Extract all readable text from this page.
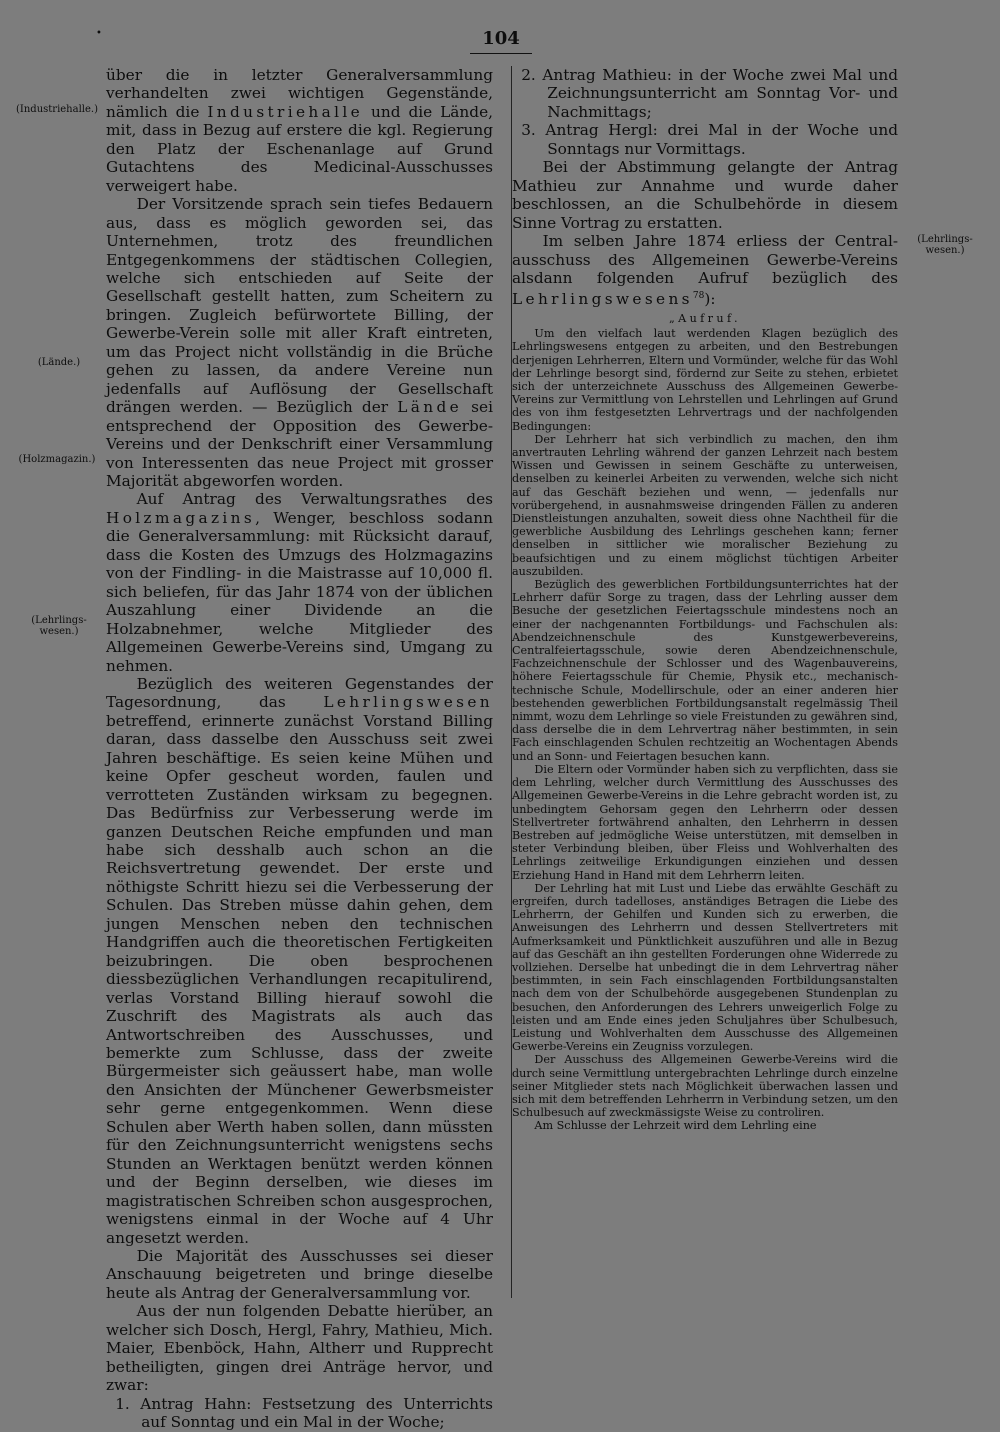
•	104
(Industriehalle.)
(Lände.)
(Holzmagazin.)
(Lehrlings-
wesen.)
(Lehrlings-
wesen.)

über die in letzter Generalversammlung verhandelten zwei wichtigen Gegenstände, nämlich die Industriehalle und die Lände, mit, dass in Bezug auf erstere die kgl. Regierung den Platz der Eschenanlage auf Grund Gutachtens des Medicinal-Ausschusses verweigert habe.

Der Vorsitzende sprach sein tiefes Bedauern aus, dass es möglich geworden sei, das Unternehmen, trotz des freundlichen Entgegenkommens der städtischen Collegien, welche sich entschieden auf Seite der Gesellschaft gestellt hatten, zum Scheitern zu bringen. Zugleich befürwortete Billing, der Gewerbe-Verein solle mit aller Kraft eintreten, um das Project nicht vollständig in die Brüche gehen zu lassen, da andere Vereine nun jedenfalls auf Auflösung der Gesellschaft drängen werden. — Bezüglich der Lände sei entsprechend der Opposition des Gewerbe-Vereins und der Denkschrift einer Versammlung von Interessenten das neue Project mit grosser Majorität abgeworfen worden.

Auf Antrag des Verwaltungsrathes des Holzmagazins, Wenger, beschloss sodann die Generalversammlung: mit Rücksicht darauf, dass die Kosten des Umzugs des Holzmagazins von der Findling- in die Maistrasse auf 10,000 fl. sich beliefen, für das Jahr 1874 von der üblichen Auszahlung einer Dividende an die Holzabnehmer, welche Mitglieder des Allgemeinen Gewerbe-Vereins sind, Umgang zu nehmen.

Bezüglich des weiteren Gegenstandes der Tagesordnung, das Lehrlingswesen betreffend, erinnerte zunächst Vorstand Billing daran, dass dasselbe den Ausschuss seit zwei Jahren beschäftige. Es seien keine Mühen und keine Opfer gescheut worden, faulen und verrotteten Zuständen wirksam zu begegnen. Das Bedürfniss zur Verbesserung werde im ganzen Deutschen Reiche empfunden und man habe sich desshalb auch schon an die Reichsvertretung gewendet. Der erste und nöthigste Schritt hiezu sei die Verbesserung der Schulen. Das Streben müsse dahin gehen, dem jungen Menschen neben den technischen Handgriffen auch die theoretischen Fertigkeiten beizubringen. Die oben besprochenen diessbezüglichen Verhandlungen recapitulirend, verlas Vorstand Billing hierauf sowohl die Zuschrift des Magistrats als auch das Antwortschreiben des Ausschusses, und bemerkte zum Schlusse, dass der zweite Bürgermeister sich geäussert habe, man wolle den Ansichten der Münchener Gewerbsmeister sehr gerne entgegenkommen. Wenn diese Schulen aber Werth haben sollen, dann müssten für den Zeichnungsunterricht wenigstens sechs Stunden an Werktagen benützt werden können und der Beginn derselben, wie dieses im magistratischen Schreiben schon ausgesprochen, wenigstens einmal in der Woche auf 4 Uhr angesetzt werden.

Die Majorität des Ausschusses sei dieser Anschauung beigetreten und bringe dieselbe heute als Antrag der Generalversammlung vor.

Aus der nun folgenden Debatte hierüber, an welcher sich Dosch, Hergl, Fahry, Mathieu, Mich. Maier, Ebenböck, Hahn, Altherr und Rupprecht betheiligten, gingen drei Anträge hervor, und zwar:

1. Antrag Hahn: Festsetzung des Unterrichts auf Sonntag und ein Mal in der Woche;

2. Antrag Mathieu: in der Woche zwei Mal und Zeichnungsunterricht am Sonntag Vor- und Nachmittags;

3. Antrag Hergl: drei Mal in der Woche und Sonntags nur Vormittags.

Bei der Abstimmung gelangte der Antrag Mathieu zur Annahme und wurde daher beschlossen, an die Schulbehörde in diesem Sinne Vortrag zu erstatten.

Im selben Jahre 1874 erliess der Central-ausschuss des Allgemeinen Gewerbe-Vereins alsdann folgenden Aufruf bezüglich des Lehrlingswesens$^{78}$):

„Aufruf.

Um den vielfach laut werdenden Klagen bezüglich des Lehrlingswesens entgegen zu arbeiten, und den Bestrebungen derjenigen Lehrherren, Eltern und Vormünder, welche für das Wohl der Lehrlinge besorgt sind, fördernd zur Seite zu stehen, erbietet sich der unterzeichnete Ausschuss des Allgemeinen Gewerbe-Vereins zur Vermittlung von Lehrstellen und Lehrlingen auf Grund des von ihm festgesetzten Lehrvertrags und der nachfolgenden Bedingungen:

Der Lehrherr hat sich verbindlich zu machen, den ihm anvertrauten Lehrling während der ganzen Lehrzeit nach bestem Wissen und Gewissen in seinem Geschäfte zu unterweisen, denselben zu keinerlei Arbeiten zu verwenden, welche sich nicht auf das Geschäft beziehen und wenn, — jedenfalls nur vorübergehend, in ausnahmsweise dringenden Fällen zu anderen Dienstleistungen anzuhalten, soweit diess ohne Nachtheil für die gewerbliche Ausbildung des Lehrlings geschehen kann; ferner denselben in sittlicher wie moralischer Beziehung zu beaufsichtigen und zu einem möglichst tüchtigen Arbeiter auszubilden.

Bezüglich des gewerblichen Fortbildungsunterrichtes hat der Lehrherr dafür Sorge zu tragen, dass der Lehrling ausser dem Besuche der gesetzlichen Feiertagsschule mindestens noch an einer der nachgenannten Fortbildungs- und Fachschulen als: Abendzeichnenschule des Kunstgewerbevereins, Centralfeiertagsschule, sowie deren Abendzeichnenschule, Fachzeichnenschule der Schlosser und des Wagenbauvereins, höhere Feiertagsschule für Chemie, Physik etc., mechanisch-technische Schule, Modellirschule, oder an einer anderen hier bestehenden gewerblichen Fortbildungsanstalt regelmässig Theil nimmt, wozu dem Lehrlinge so viele Freistunden zu gewähren sind, dass derselbe die in dem Lehrvertrag näher bestimmten, in sein Fach einschlagenden Schulen rechtzeitig an Wochentagen Abends und an Sonn- und Feiertagen besuchen kann.

Die Eltern oder Vormünder haben sich zu verpflichten, dass sie dem Lehrling, welcher durch Vermittlung des Ausschusses des Allgemeinen Gewerbe-Vereins in die Lehre gebracht worden ist, zu unbedingtem Gehorsam gegen den Lehrherrn oder dessen Stellvertreter fortwährend anhalten, den Lehrherrn in dessen Bestreben auf jedmögliche Weise unterstützen, mit demselben in steter Verbindung bleiben, über Fleiss und Wohlverhalten des Lehrlings zeitweilige Erkundigungen einziehen und dessen Erziehung Hand in Hand mit dem Lehrherrn leiten.

Der Lehrling hat mit Lust und Liebe das erwählte Geschäft zu ergreifen, durch tadelloses, anständiges Betragen die Liebe des Lehrherrn, der Gehilfen und Kunden sich zu erwerben, die Anweisungen des Lehrherrn und dessen Stellvertreters mit Aufmerksamkeit und Pünktlichkeit auszuführen und alle in Bezug auf das Geschäft an ihn gestellten Forderungen ohne Widerrede zu vollziehen. Derselbe hat unbedingt die in dem Lehrvertrag näher bestimmten, in sein Fach einschlagenden Fortbildungsanstalten nach dem von der Schulbehörde ausgegebenen Stundenplan zu besuchen, den Anforderungen des Lehrers unweigerlich Folge zu leisten und am Ende eines jeden Schuljahres über Schulbesuch, Leistung und Wohlverhalten dem Ausschusse des Allgemeinen Gewerbe-Vereins ein Zeugniss vorzulegen.

Der Ausschuss des Allgemeinen Gewerbe-Vereins wird die durch seine Vermittlung untergebrachten Lehrlinge durch einzelne seiner Mitglieder stets nach Möglichkeit überwachen lassen und sich mit dem betreffenden Lehrherrn in Verbindung setzen, um den Schulbesuch auf zweckmässigste Weise zu controliren.

Am Schlusse der Lehrzeit wird dem Lehrling eine
